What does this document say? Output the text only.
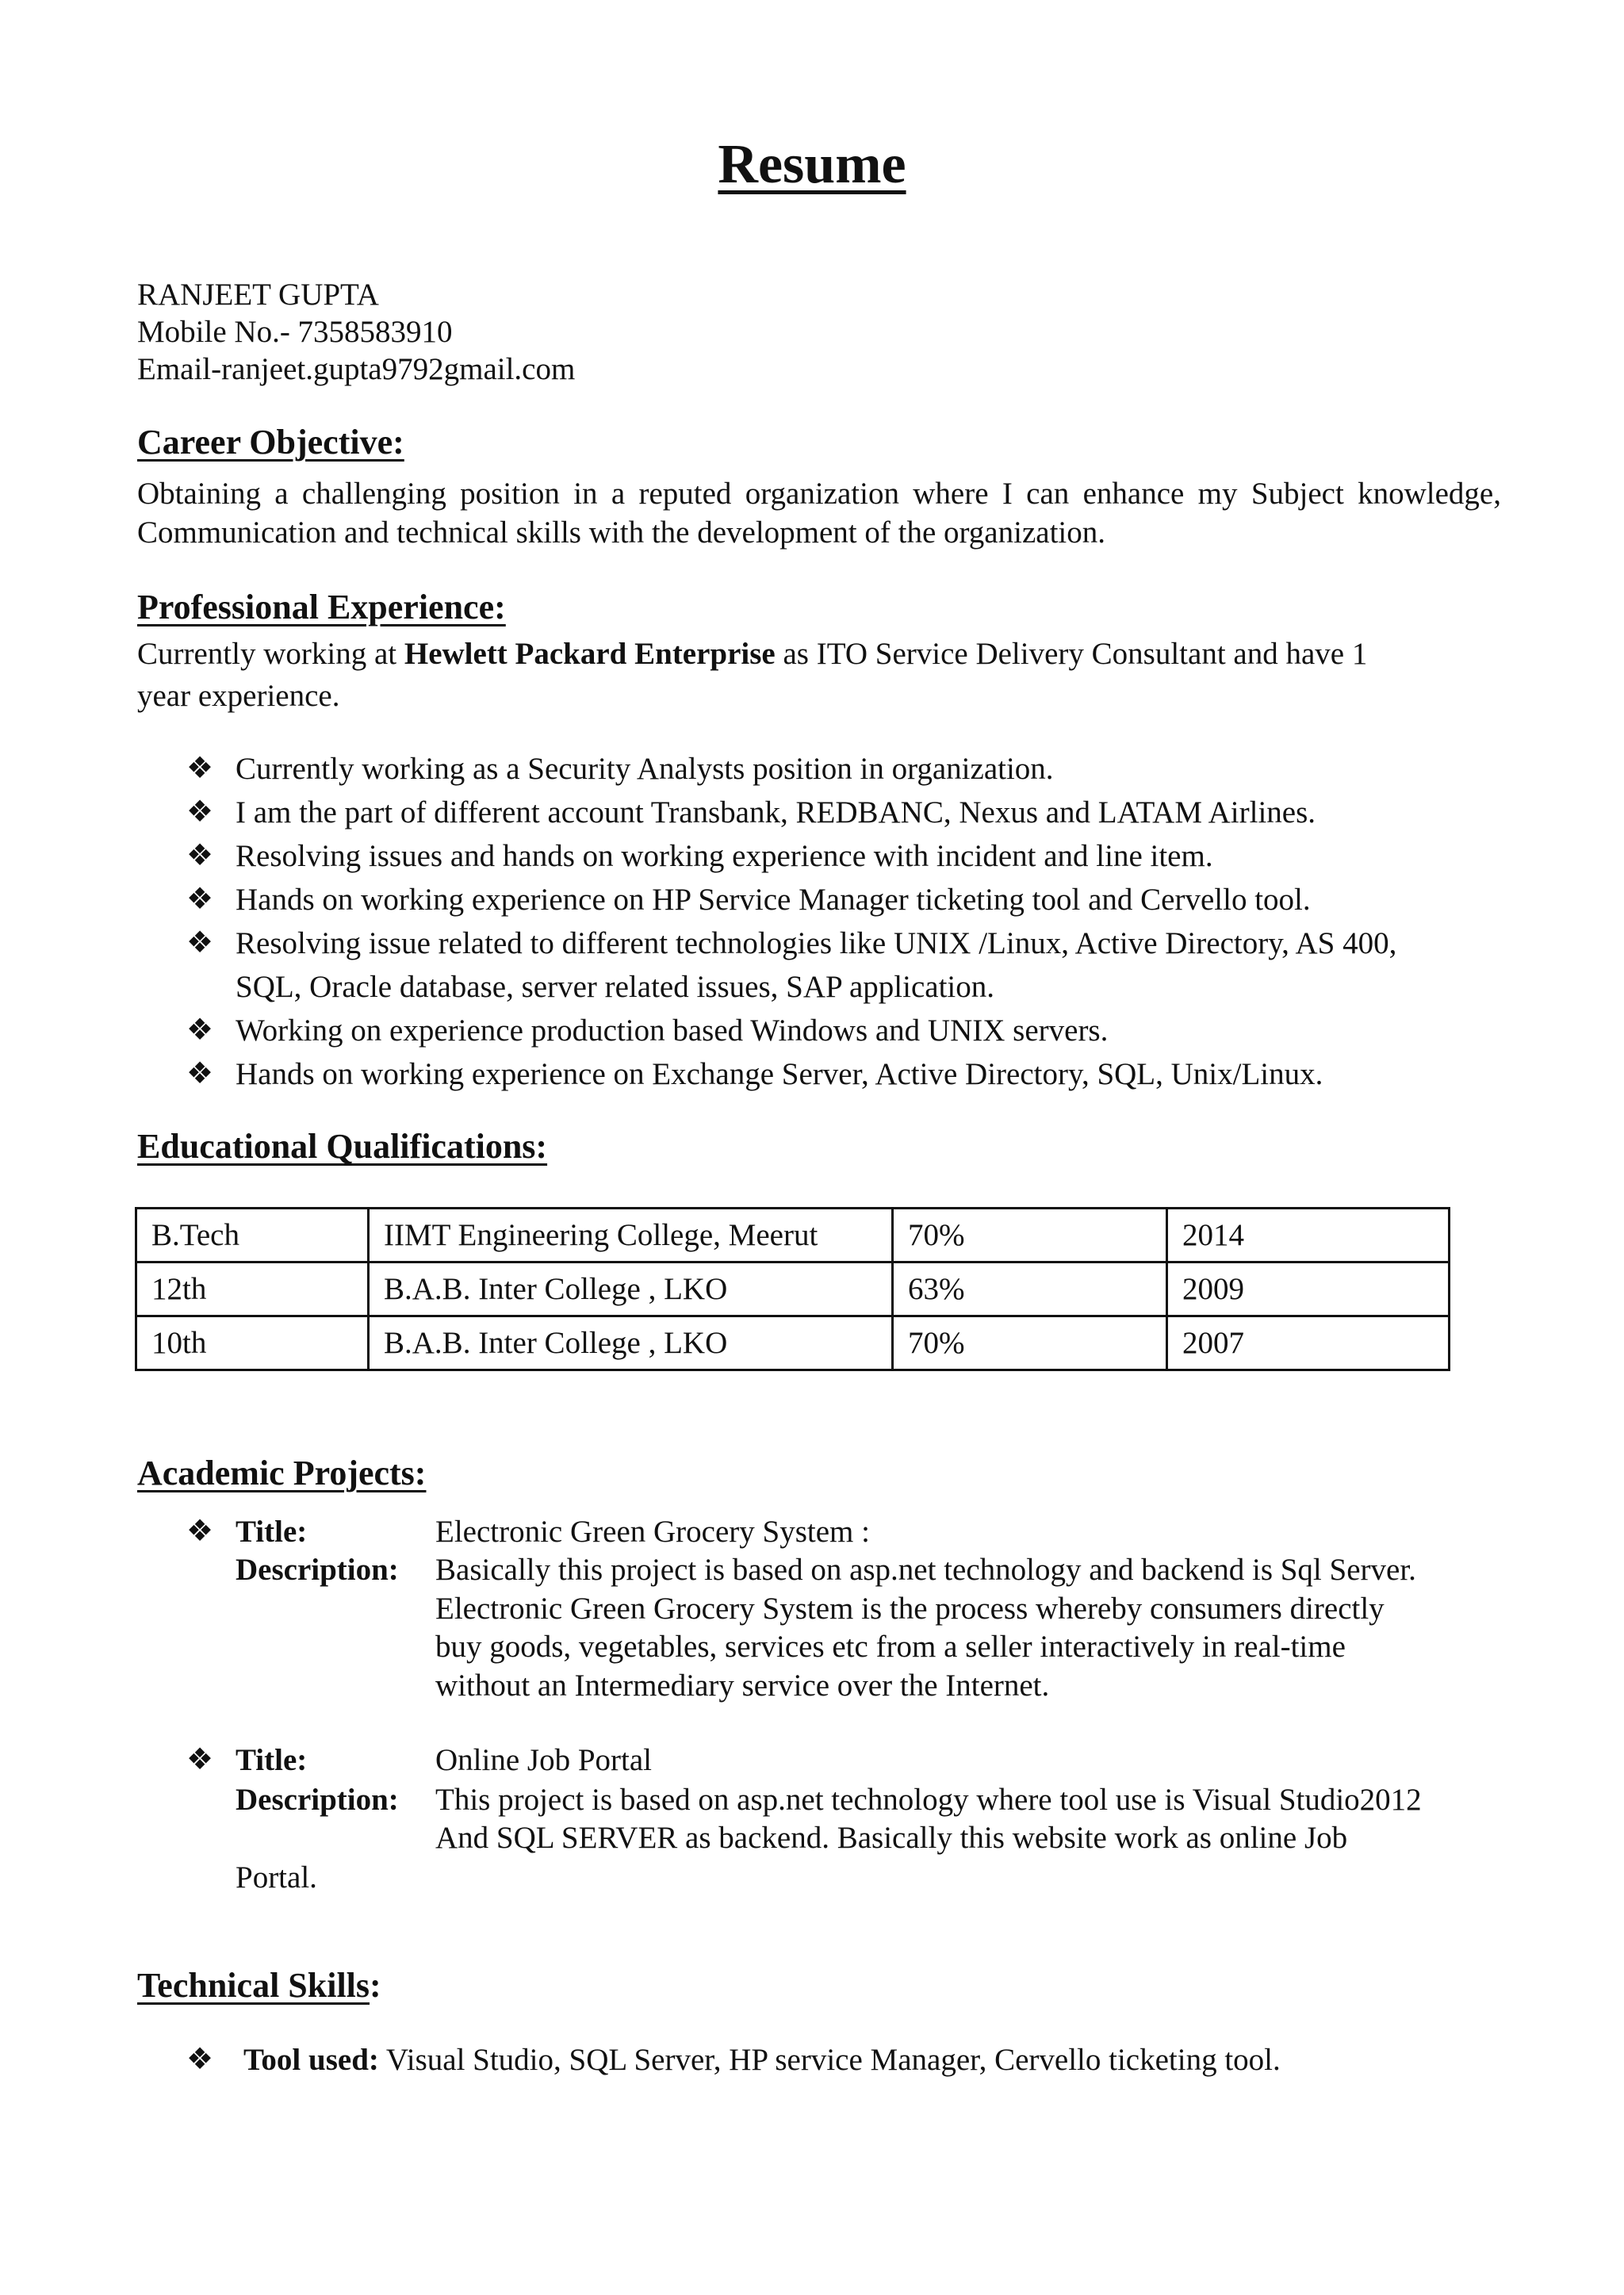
Resume
RANJEET GUPTA
Mobile No.- 7358583910
Email-ranjeet.gupta9792gmail.com
Career Objective:
Obtaining a challenging position in a reputed organization where I can enhance my Subject knowledge, Communication and technical skills with the development of the organization.
Professional Experience:
Currently working at Hewlett Packard Enterprise as ITO Service Delivery Consultant and have 1
year experience.
❖ Currently working as a Security Analysts position in organization.
❖ I am the part of different account Transbank, REDBANC, Nexus and LATAM Airlines.
❖ Resolving issues and hands on working experience with incident and line item.
❖ Hands on working experience on HP Service Manager ticketing tool and Cervello tool.
❖ Resolving issue related to different technologies like UNIX /Linux, Active Directory, AS 400,
SQL, Oracle database, server related issues, SAP application.
❖ Working on experience production based Windows and UNIX servers.
❖ Hands on working experience on Exchange Server, Active Directory, SQL, Unix/Linux.
Educational Qualifications:
B.Tech	IIMT Engineering College, Meerut	70%	2014
12th	B.A.B. Inter College , LKO	63%	2009
10th	B.A.B. Inter College , LKO	70%	2007
Academic Projects:
❖ Title:	Electronic Green Grocery System :
Description: Basically this project is based on asp.net technology and backend is Sql Server.
Electronic Green Grocery System is the process whereby consumers directly
buy goods, vegetables, services etc from a seller interactively in real-time
without an Intermediary service over the Internet.
❖ Title:	Online Job Portal
Description: This project is based on asp.net technology where tool use is Visual Studio2012
And SQL SERVER as backend. Basically this website work as online Job
Portal.
Technical Skills:
❖ Tool used: Visual Studio, SQL Server, HP service Manager, Cervello ticketing tool.
